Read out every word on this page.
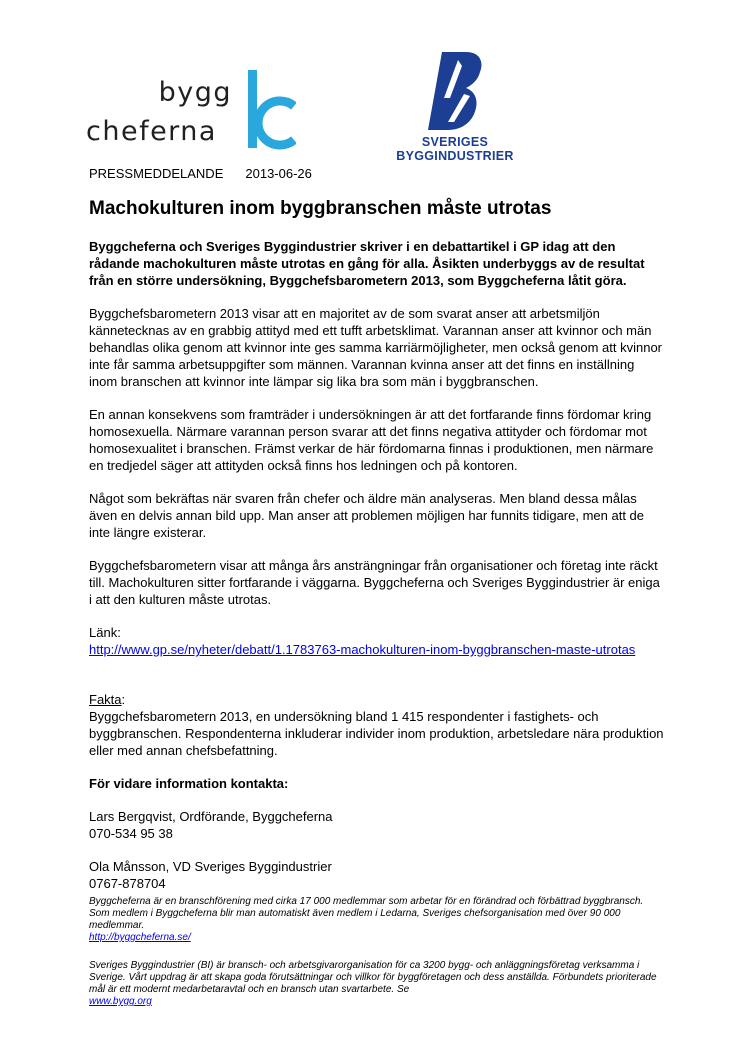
bygg
cheferna	SVERIGES
BYGGINDUSTRIER
PRESSMEDDELANDE 2013-06-26
Machokulturen inom byggbranschen måste utrotas

Byggcheferna och Sveriges Byggindustrier skriver i en debattartikel i GP idag att den rådande machokulturen måste utrotas en gång för alla. Åsikten underbyggs av de resultat från en större undersökning, Byggchefsbarometern 2013, som Byggcheferna låtit göra.

Byggchefsbarometern 2013 visar att en majoritet av de som svarat anser att arbetsmiljön kännetecknas av en grabbig attityd med ett tufft arbetsklimat. Varannan anser att kvinnor och män behandlas olika genom att kvinnor inte ges samma karriärmöjligheter, men också genom att kvinnor inte får samma arbetsuppgifter som männen. Varannan kvinna anser att det finns en inställning inom branschen att kvinnor inte lämpar sig lika bra som män i byggbranschen.

En annan konsekvens som framträder i undersökningen är att det fortfarande finns fördomar kring homosexuella. Närmare varannan person svarar att det finns negativa attityder och fördomar mot homosexualitet i branschen. Främst verkar de här fördomarna finnas i produktionen, men närmare en tredjedel säger att attityden också finns hos ledningen och på kontoren.

Något som bekräftas när svaren från chefer och äldre män analyseras. Men bland dessa målas även en delvis annan bild upp. Man anser att problemen möjligen har funnits tidigare, men att de inte längre existerar.

Byggchefsbarometern visar att många års ansträngningar från organisationer och företag inte räckt till. Machokulturen sitter fortfarande i väggarna. Byggcheferna och Sveriges Byggindustrier är eniga i att den kulturen måste utrotas.

Länk:
http://www.gp.se/nyheter/debatt/1.1783763-machokulturen-inom-byggbranschen-maste-utrotas

Fakta:
Byggchefsbarometern 2013, en undersökning bland 1 415 respondenter i fastighets- och byggbranschen. Respondenterna inkluderar individer inom produktion, arbetsledare nära produktion eller med annan chefsbefattning.

För vidare information kontakta:

Lars Bergqvist, Ordförande, Byggcheferna
070-534 95 38

Ola Månsson, VD Sveriges Byggindustrier
0767-878704

Byggcheferna är en branschförening med cirka 17 000 medlemmar som arbetar för en förändrad och förbättrad byggbransch. Som medlem i Byggcheferna blir man automatiskt även medlem i Ledarna, Sveriges chefsorganisation med över 90 000 medlemmar.
http://byggcheferna.se/

Sveriges Byggindustrier (BI) är bransch- och arbetsgivarorganisation för ca 3200 bygg- och anläggningsföretag verksamma i Sverige. Vårt uppdrag är att skapa goda förutsättningar och villkor för byggföretagen och dess anställda. Förbundets prioriterade mål är ett modernt medarbetaravtal och en bransch utan svartarbete. Se
www.bygg.org
